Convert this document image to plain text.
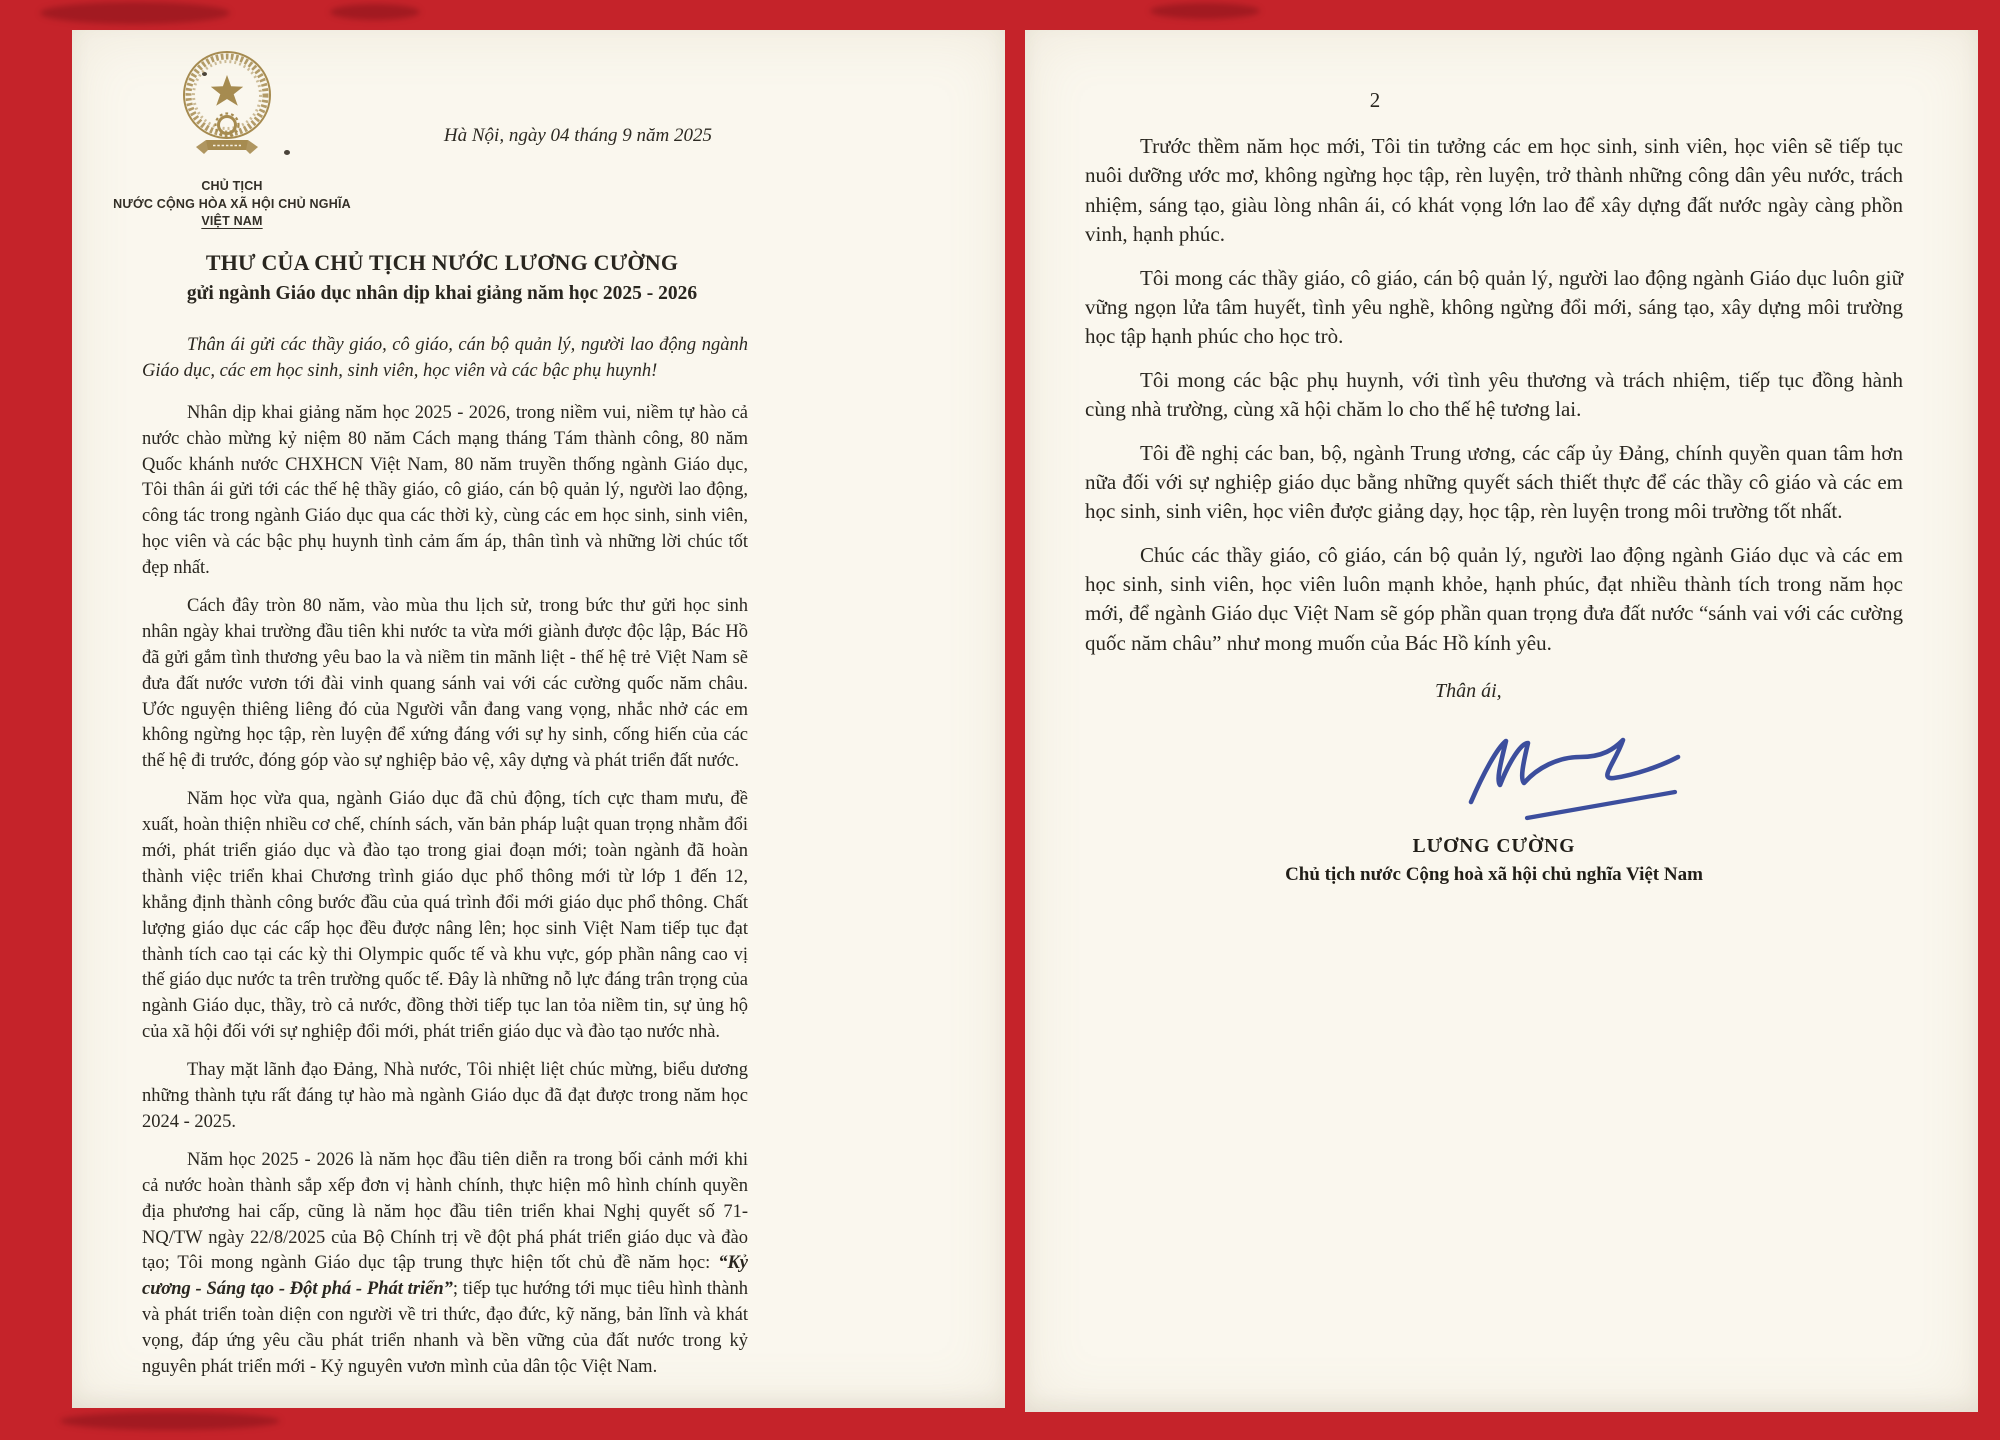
CHỦ TỊCH
NƯỚC CỘNG HÒA XÃ HỘI CHỦ NGHĨA
VIỆT NAM
Hà Nội, ngày 04 tháng 9 năm 2025
THƯ CỦA CHỦ TỊCH NƯỚC LƯƠNG CƯỜNG
gửi ngành Giáo dục nhân dịp khai giảng năm học 2025 - 2026

Thân ái gửi các thầy giáo, cô giáo, cán bộ quản lý, người lao động ngành Giáo dục, các em học sinh, sinh viên, học viên và các bậc phụ huynh!

Nhân dịp khai giảng năm học 2025 - 2026, trong niềm vui, niềm tự hào cả nước chào mừng kỷ niệm 80 năm Cách mạng tháng Tám thành công, 80 năm Quốc khánh nước CHXHCN Việt Nam, 80 năm truyền thống ngành Giáo dục, Tôi thân ái gửi tới các thế hệ thầy giáo, cô giáo, cán bộ quản lý, người lao động, công tác trong ngành Giáo dục qua các thời kỳ, cùng các em học sinh, sinh viên, học viên và các bậc phụ huynh tình cảm ấm áp, thân tình và những lời chúc tốt đẹp nhất.

Cách đây tròn 80 năm, vào mùa thu lịch sử, trong bức thư gửi học sinh nhân ngày khai trường đầu tiên khi nước ta vừa mới giành được độc lập, Bác Hồ đã gửi gắm tình thương yêu bao la và niềm tin mãnh liệt - thế hệ trẻ Việt Nam sẽ đưa đất nước vươn tới đài vinh quang sánh vai với các cường quốc năm châu. Ước nguyện thiêng liêng đó của Người vẫn đang vang vọng, nhắc nhở các em không ngừng học tập, rèn luyện để xứng đáng với sự hy sinh, cống hiến của các thế hệ đi trước, đóng góp vào sự nghiệp bảo vệ, xây dựng và phát triển đất nước.

Năm học vừa qua, ngành Giáo dục đã chủ động, tích cực tham mưu, đề xuất, hoàn thiện nhiều cơ chế, chính sách, văn bản pháp luật quan trọng nhằm đổi mới, phát triển giáo dục và đào tạo trong giai đoạn mới; toàn ngành đã hoàn thành việc triển khai Chương trình giáo dục phổ thông mới từ lớp 1 đến 12, khẳng định thành công bước đầu của quá trình đổi mới giáo dục phổ thông. Chất lượng giáo dục các cấp học đều được nâng lên; học sinh Việt Nam tiếp tục đạt thành tích cao tại các kỳ thi Olympic quốc tế và khu vực, góp phần nâng cao vị thế giáo dục nước ta trên trường quốc tế. Đây là những nỗ lực đáng trân trọng của ngành Giáo dục, thầy, trò cả nước, đồng thời tiếp tục lan tỏa niềm tin, sự ủng hộ của xã hội đối với sự nghiệp đổi mới, phát triển giáo dục và đào tạo nước nhà.

Thay mặt lãnh đạo Đảng, Nhà nước, Tôi nhiệt liệt chúc mừng, biểu dương những thành tựu rất đáng tự hào mà ngành Giáo dục đã đạt được trong năm học 2024 - 2025.

Năm học 2025 - 2026 là năm học đầu tiên diễn ra trong bối cảnh mới khi cả nước hoàn thành sắp xếp đơn vị hành chính, thực hiện mô hình chính quyền địa phương hai cấp, cũng là năm học đầu tiên triển khai Nghị quyết số 71-NQ/TW ngày 22/8/2025 của Bộ Chính trị về đột phá phát triển giáo dục và đào tạo; Tôi mong ngành Giáo dục tập trung thực hiện tốt chủ đề năm học: “Kỷ cương - Sáng tạo - Đột phá - Phát triển”; tiếp tục hướng tới mục tiêu hình thành và phát triển toàn diện con người về tri thức, đạo đức, kỹ năng, bản lĩnh và khát vọng, đáp ứng yêu cầu phát triển nhanh và bền vững của đất nước trong kỷ nguyên phát triển mới - Kỷ nguyên vươn mình của dân tộc Việt Nam.

2

Trước thềm năm học mới, Tôi tin tưởng các em học sinh, sinh viên, học viên sẽ tiếp tục nuôi dưỡng ước mơ, không ngừng học tập, rèn luyện, trở thành những công dân yêu nước, trách nhiệm, sáng tạo, giàu lòng nhân ái, có khát vọng lớn lao để xây dựng đất nước ngày càng phồn vinh, hạnh phúc.

Tôi mong các thầy giáo, cô giáo, cán bộ quản lý, người lao động ngành Giáo dục luôn giữ vững ngọn lửa tâm huyết, tình yêu nghề, không ngừng đổi mới, sáng tạo, xây dựng môi trường học tập hạnh phúc cho học trò.

Tôi mong các bậc phụ huynh, với tình yêu thương và trách nhiệm, tiếp tục đồng hành cùng nhà trường, cùng xã hội chăm lo cho thế hệ tương lai.

Tôi đề nghị các ban, bộ, ngành Trung ương, các cấp ủy Đảng, chính quyền quan tâm hơn nữa đối với sự nghiệp giáo dục bằng những quyết sách thiết thực để các thầy cô giáo và các em học sinh, sinh viên, học viên được giảng dạy, học tập, rèn luyện trong môi trường tốt nhất.

Chúc các thầy giáo, cô giáo, cán bộ quản lý, người lao động ngành Giáo dục và các em học sinh, sinh viên, học viên luôn mạnh khỏe, hạnh phúc, đạt nhiều thành tích trong năm học mới, để ngành Giáo dục Việt Nam sẽ góp phần quan trọng đưa đất nước “sánh vai với các cường quốc năm châu” như mong muốn của Bác Hồ kính yêu.

Thân ái,
LƯƠNG CƯỜNG
Chủ tịch nước Cộng hoà xã hội chủ nghĩa Việt Nam
